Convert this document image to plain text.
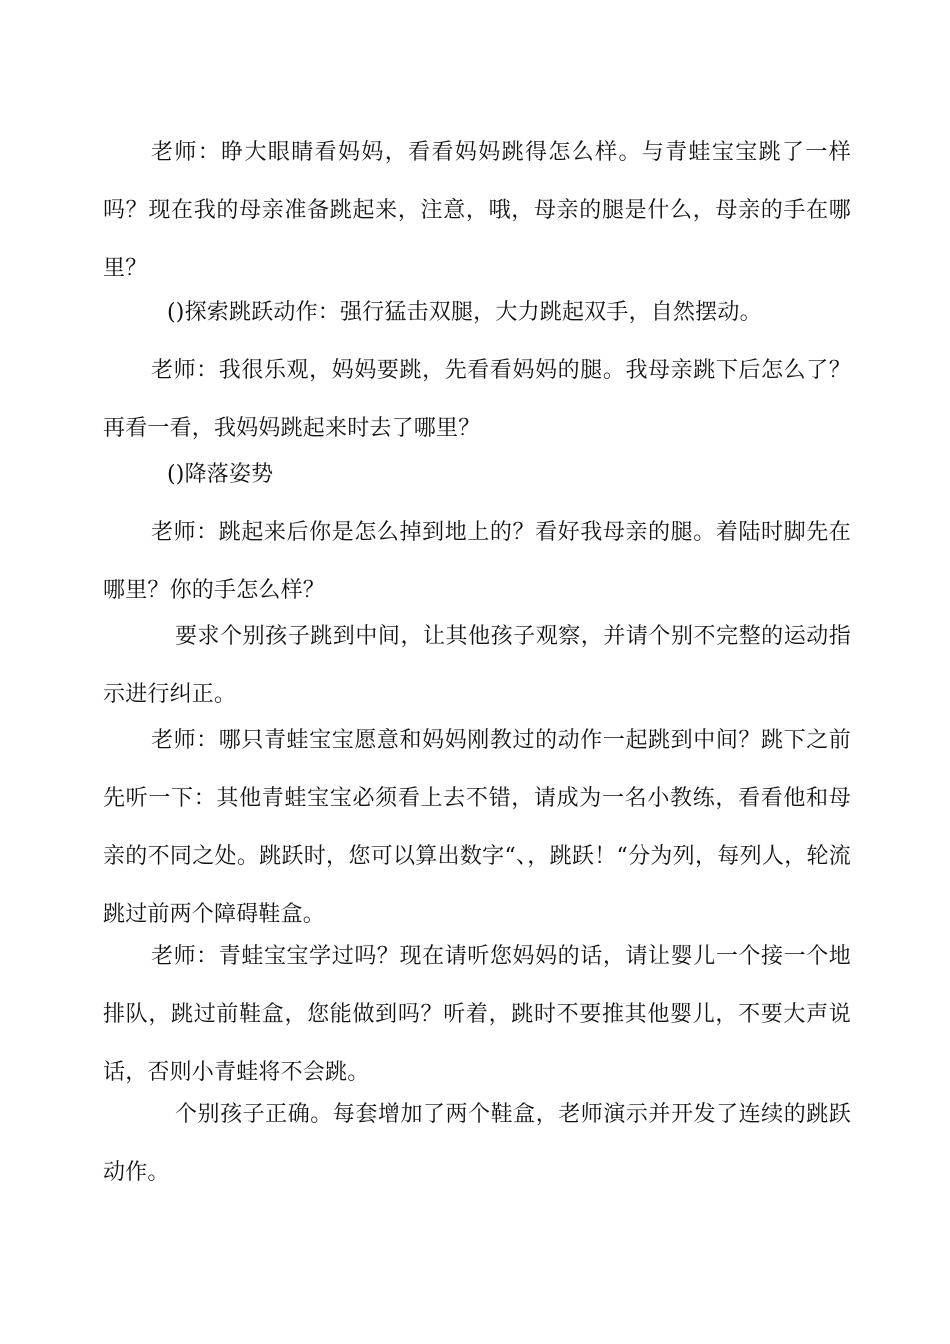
老师：睁大眼睛看妈妈，看看妈妈跳得怎么样。与青蛙宝宝跳了一样吗？现在我的母亲准备跳起来，注意，哦，母亲的腿是什么，母亲的手在哪里？

()探索跳跃动作：强行猛击双腿，大力跳起双手，自然摆动。

老师：我很乐观，妈妈要跳，先看看妈妈的腿。我母亲跳下后怎么了？再看一看，我妈妈跳起来时去了哪里？

()降落姿势

老师：跳起来后你是怎么掉到地上的？看好我母亲的腿。着陆时脚先在哪里？你的手怎么样？

要求个别孩子跳到中间，让其他孩子观察，并请个别不完整的运动指示进行纠正。

老师：哪只青蛙宝宝愿意和妈妈刚教过的动作一起跳到中间？跳下之前先听一下：其他青蛙宝宝必须看上去不错，请成为一名小教练，看看他和母亲的不同之处。跳跃时，您可以算出数字“、，跳跃！“分为列，每列人，轮流跳过前两个障碍鞋盒。

老师：青蛙宝宝学过吗？现在请听您妈妈的话，请让婴儿一个接一个地排队，跳过前鞋盒，您能做到吗？听着，跳时不要推其他婴儿，不要大声说话，否则小青蛙将不会跳。

个别孩子正确。每套增加了两个鞋盒，老师演示并开发了连续的跳跃动作。
